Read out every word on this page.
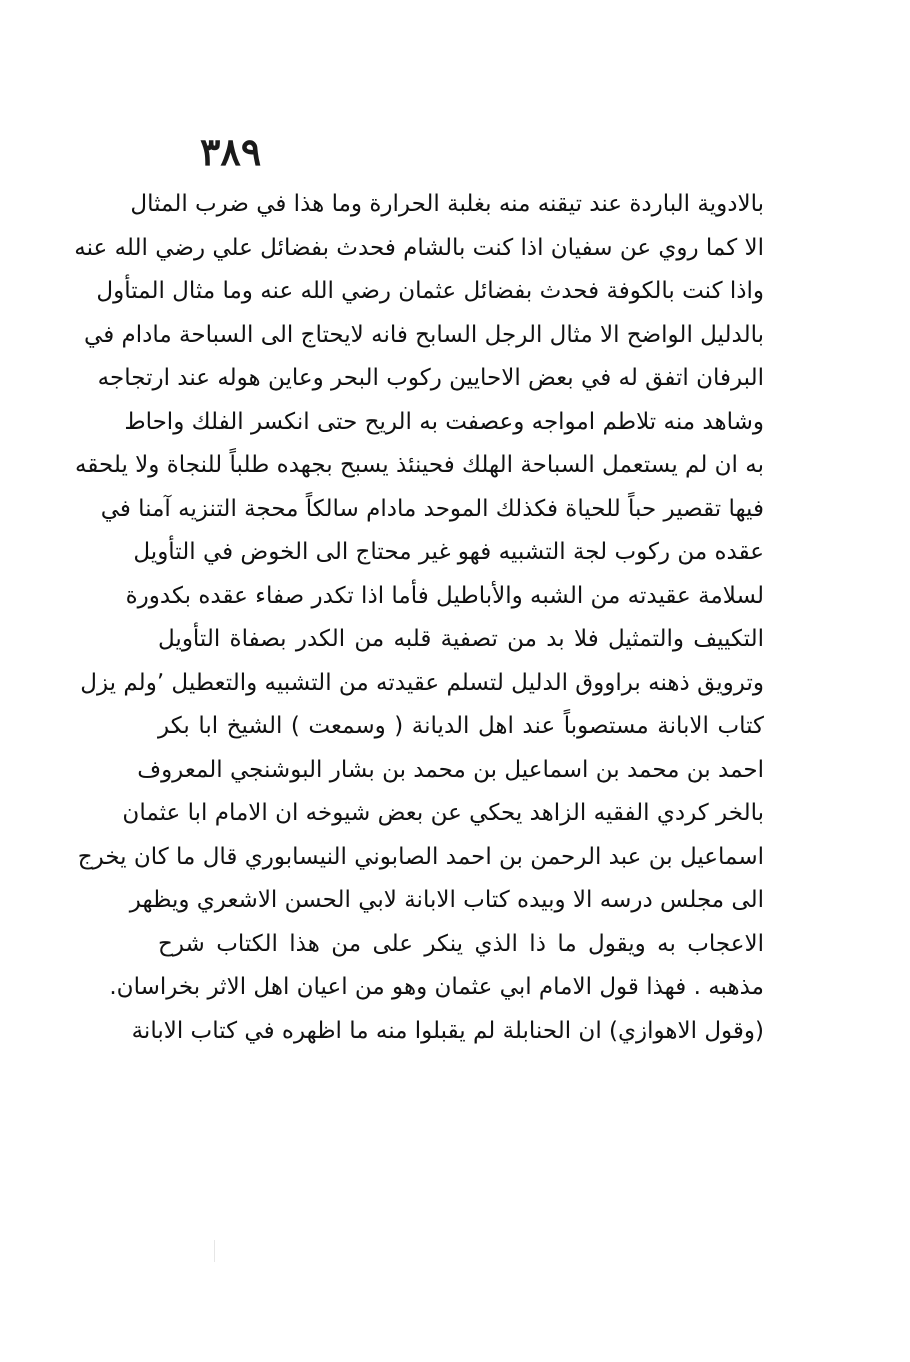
٣٨٩
بالادوية الباردة عند تيقنه منه بغلبة الحرارة وما هذا في ضرب المثال
الا كما روي عن سفيان اذا كنت بالشام فحدث بفضائل علي رضي الله عنه
واذا كنت بالكوفة فحدث بفضائل عثمان رضي الله عنه وما مثال المتأول
بالدليل الواضح الا مثال الرجل السابح فانه لايحتاج الى السباحة مادام في
البرفان اتفق له في بعض الاحايين ركوب البحر وعاين هوله عند ارتجاجه
وشاهد منه تلاطم امواجه وعصفت به الريح حتى انكسر الفلك واحاط
به ان لم يستعمل السباحة الهلك فحينئذ يسبح بجهده طلباً للنجاة ولا يلحقه
فيها تقصير حباً للحياة فكذلك الموحد مادام سالكاً محجة التنزيه آمنا في
عقده من ركوب لجة التشبيه فهو غير محتاج الى الخوض في التأويل
لسلامة عقيدته من الشبه والأباطيل فأما اذا تكدر صفاء عقده بكدورة
التكييف والتمثيل فلا بد من تصفية قلبه من الكدر بصفاة التأويل
وترويق ذهنه براووق الدليل لتسلم عقيدته من التشبيه والتعطيل ٬ولم يزل
كتاب الابانة مستصوباً عند اهل الديانة ( وسمعت ) الشيخ ابا بكر
احمد بن محمد بن اسماعيل بن محمد بن بشار البوشنجي المعروف
بالخر كردي الفقيه الزاهد يحكي عن بعض شيوخه ان الامام ابا عثمان
اسماعيل بن عبد الرحمن بن احمد الصابوني النيسابوري قال ما كان يخرج
الى مجلس درسه الا وبيده كتاب الابانة لابي الحسن الاشعري ويظهر
الاعجاب به ويقول ما ذا الذي ينكر على من هذا الكتاب شرح
مذهبه . فهذا قول الامام ابي عثمان وهو من اعيان اهل الاثر بخراسان.
(وقول الاهوازي) ان الحنابلة لم يقبلوا منه ما اظهره في كتاب الابانة
